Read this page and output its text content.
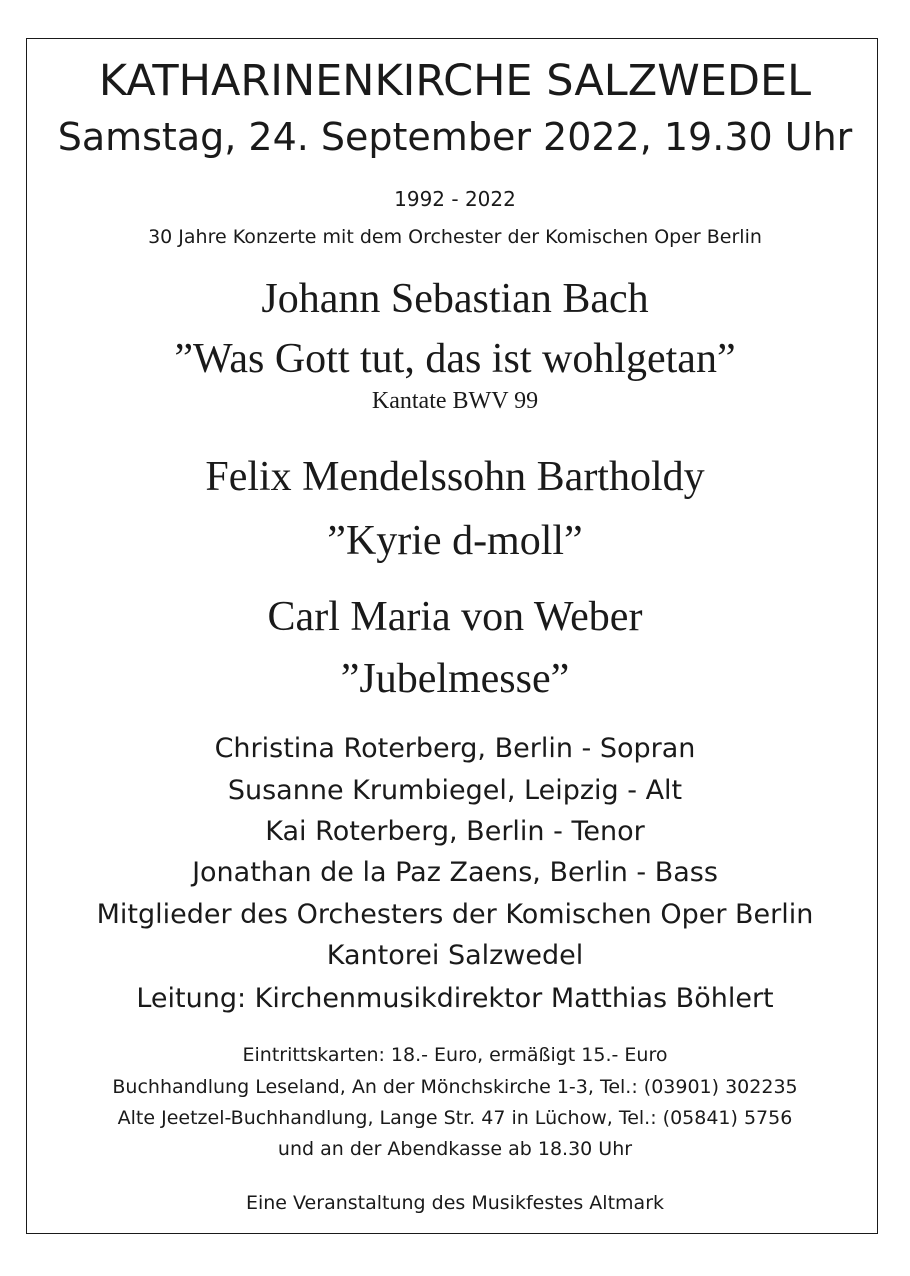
KATHARINENKIRCHE SALZWEDEL
Samstag, 24. September 2022, 19.30 Uhr

1992 - 2022

30 Jahre Konzerte mit dem Orchester der Komischen Oper Berlin

Johann Sebastian Bach

”Was Gott tut, das ist wohlgetan”

Kantate BWV 99

Felix Mendelssohn Bartholdy

”Kyrie d-moll”

Carl Maria von Weber

”Jubelmesse”

Christina Roterberg, Berlin - Sopran

Susanne Krumbiegel, Leipzig - Alt

Kai Roterberg, Berlin - Tenor

Jonathan de la Paz Zaens, Berlin - Bass

Mitglieder des Orchesters der Komischen Oper Berlin

Kantorei Salzwedel

Leitung: Kirchenmusikdirektor Matthias Böhlert

Eintrittskarten: 18.- Euro, ermäßigt 15.- Euro

Buchhandlung Leseland, An der Mönchskirche 1-3, Tel.: (03901) 302235

Alte Jeetzel-Buchhandlung, Lange Str. 47 in Lüchow, Tel.: (05841) 5756

und an der Abendkasse ab 18.30 Uhr

Eine Veranstaltung des Musikfestes Altmark
